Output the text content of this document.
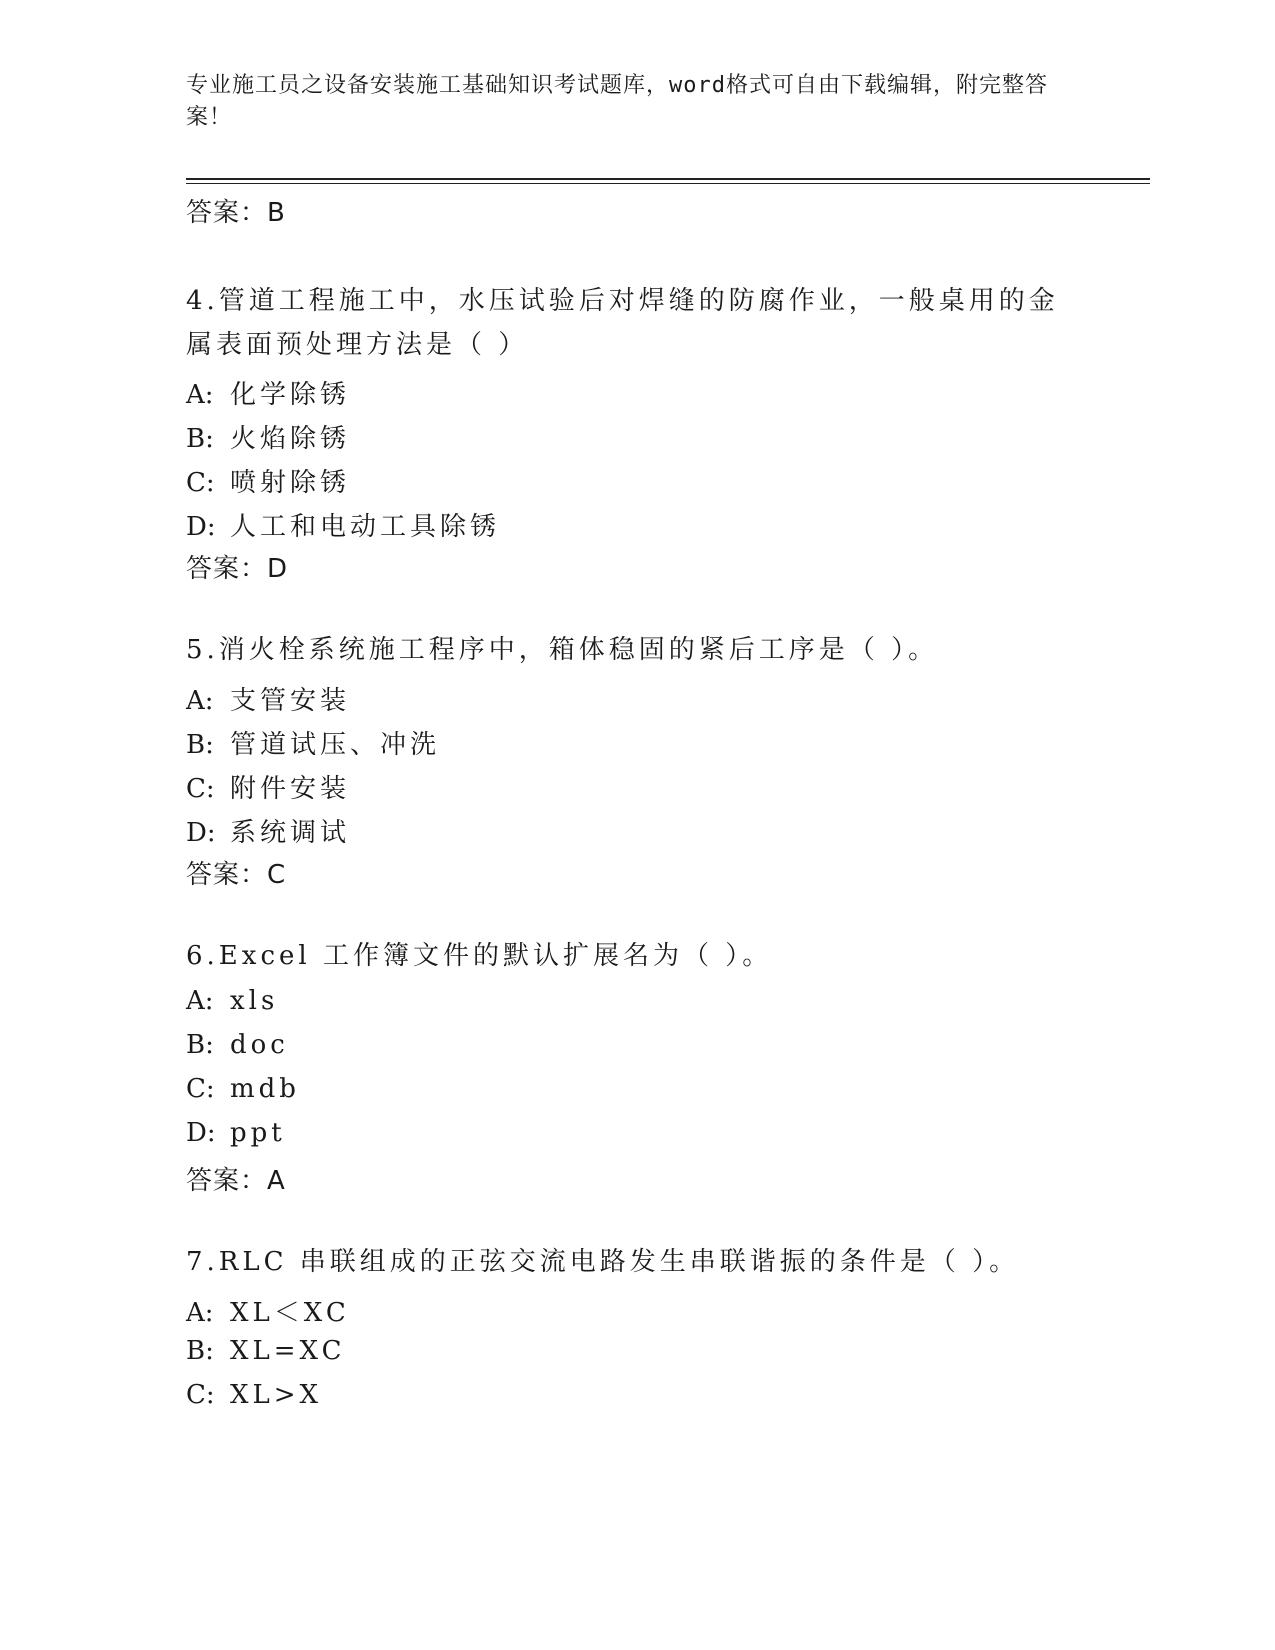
专业施工员之设备安装施工基础知识考试题库，word格式可自由下载编辑，附完整答案！
答案：B
4.管道工程施工中，水压试验后对焊缝的防腐作业，一般桌用的金属表面预处理方法是（ ）
A: 化学除锈
B: 火焰除锈
C: 喷射除锈
D: 人工和电动工具除锈
答案：D
5.消火栓系统施工程序中，箱体稳固的紧后工序是（ ）。
A: 支管安装
B: 管道试压、冲洗
C: 附件安装
D: 系统调试
答案：C
6.Excel 工作簿文件的默认扩展名为（ ）。
A: xls
B: doc
C: mdb
D: ppt
答案：A
7.RLC 串联组成的正弦交流电路发生串联谐振的条件是（ ）。
A: XL＜XC
B: XL=XC
C: XL>X
